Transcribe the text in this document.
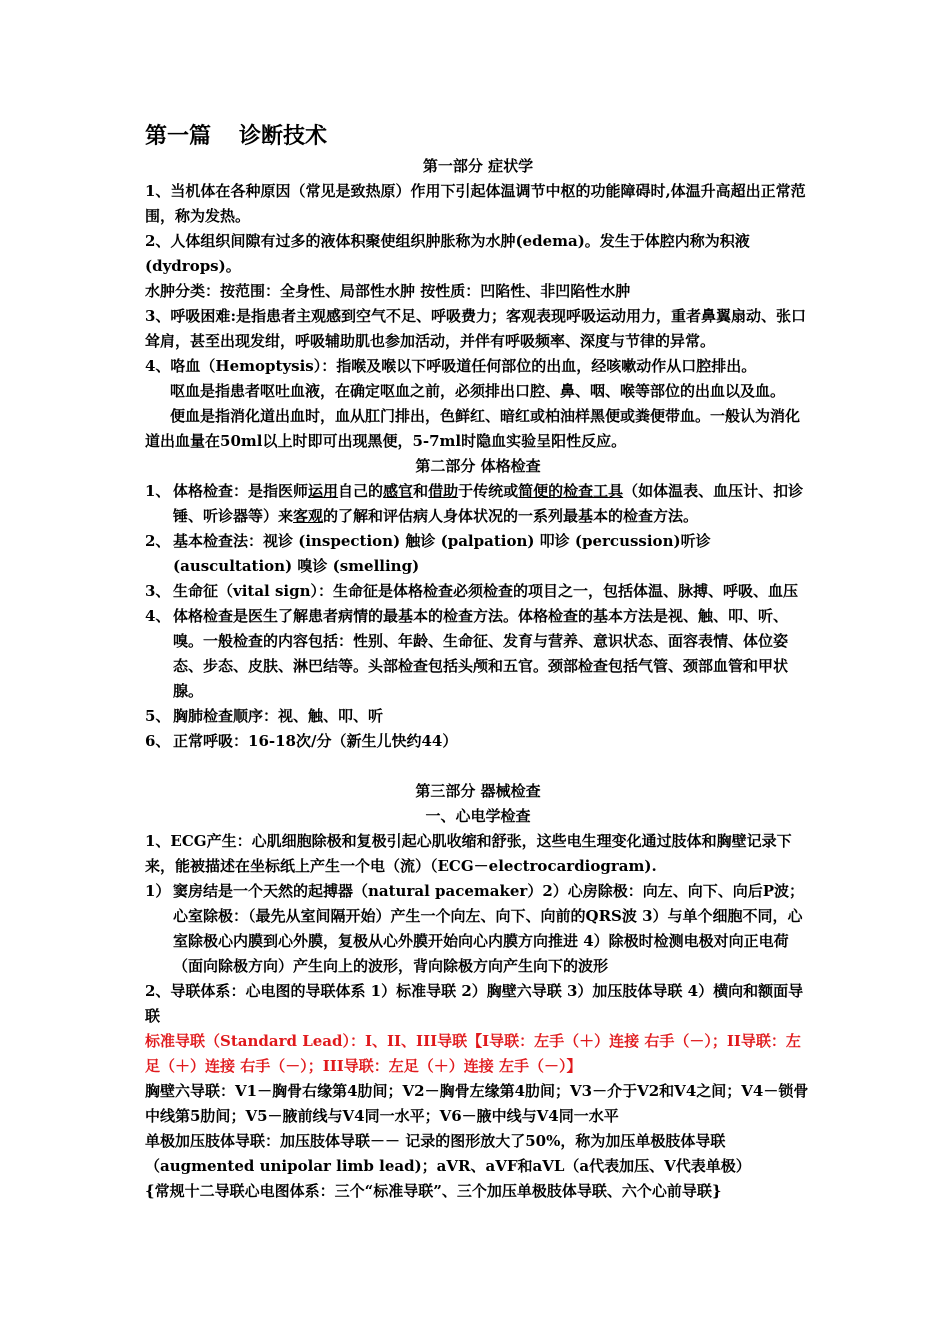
第一篇 诊断技术
第一部分 症状学

1、当机体在各种原因（常见是致热原）作用下引起体温调节中枢的功能障碍时,体温升高超出正常范围，称为发热。

2、人体组织间隙有过多的液体积聚使组织肿胀称为水肿(edema)。发生于体腔内称为积液(dydrops)。

水肿分类：按范围：全身性、局部性水肿 按性质：凹陷性、非凹陷性水肿

3、呼吸困难:是指患者主观感到空气不足、呼吸费力；客观表现呼吸运动用力，重者鼻翼扇动、张口耸肩，甚至出现发绀，呼吸辅助肌也参加活动，并伴有呼吸频率、深度与节律的异常。

4、咯血（Hemoptysis）：指喉及喉以下呼吸道任何部位的出血，经咳嗽动作从口腔排出。

呕血是指患者呕吐血液，在确定呕血之前，必须排出口腔、鼻、咽、喉等部位的出血以及血。

便血是指消化道出血时，血从肛门排出，色鲜红、暗红或柏油样黑便或粪便带血。一般认为消化道出血量在50ml以上时即可出现黑便，5-7ml时隐血实验呈阳性反应。

第二部分 体格检查

1、 体格检查：是指医师运用自己的感官和借助于传统或简便的检查工具（如体温表、血压计、扣诊锤、听诊器等）来客观的了解和评估病人身体状况的一系列最基本的检查方法。

2、 基本检查法：视诊 (inspection) 触诊 (palpation) 叩诊 (percussion)听诊 (auscultation) 嗅诊 (smelling)

3、 生命征（vital sign）：生命征是体格检查必须检查的项目之一，包括体温、脉搏、呼吸、血压

4、 体格检查是医生了解患者病情的最基本的检查方法。体格检查的基本方法是视、触、叩、听、嗅。一般检查的内容包括：性别、年龄、生命征、发育与营养、意识状态、面容表情、体位姿态、步态、皮肤、淋巴结等。头部检查包括头颅和五官。颈部检查包括气管、颈部血管和甲状腺。

5、 胸肺检查顺序：视、触、叩、听

6、 正常呼吸：16-18次/分（新生儿快约44）

第三部分 器械检查
一、心电学检查

1、ECG产生：心肌细胞除极和复极引起心肌收缩和舒张，这些电生理变化通过肢体和胸壁记录下来，能被描述在坐标纸上产生一个电（流）（ECG－electrocardiogram).

1） 窦房结是一个天然的起搏器（natural pacemaker）2）心房除极：向左、向下、向后P波；心室除极：（最先从室间隔开始）产生一个向左、向下、向前的QRS波 3）与单个细胞不同，心室除极心内膜到心外膜，复极从心外膜开始向心内膜方向推进 4）除极时检测电极对向正电荷（面向除极方向）产生向上的波形，背向除极方向产生向下的波形

2、导联体系：心电图的导联体系 1）标准导联 2）胸壁六导联 3）加压肢体导联 4）横向和额面导联

标准导联（Standard Lead）：I、II、III导联【I导联：左手（＋）连接 右手（－）；II导联：左足（＋）连接 右手（－）；III导联：左足（＋）连接 左手（－）】

胸壁六导联：V1－胸骨右缘第4肋间；V2－胸骨左缘第4肋间；V3－介于V2和V4之间；V4－锁骨中线第5肋间；V5－腋前线与V4同一水平；V6－腋中线与V4同一水平

单极加压肢体导联：加压肢体导联－－ 记录的图形放大了50%，称为加压单极肢体导联（augmented unipolar limb lead)；aVR、aVF和aVL（a代表加压、V代表单极）

{常规十二导联心电图体系：三个“标准导联”、三个加压单极肢体导联、六个心前导联}
